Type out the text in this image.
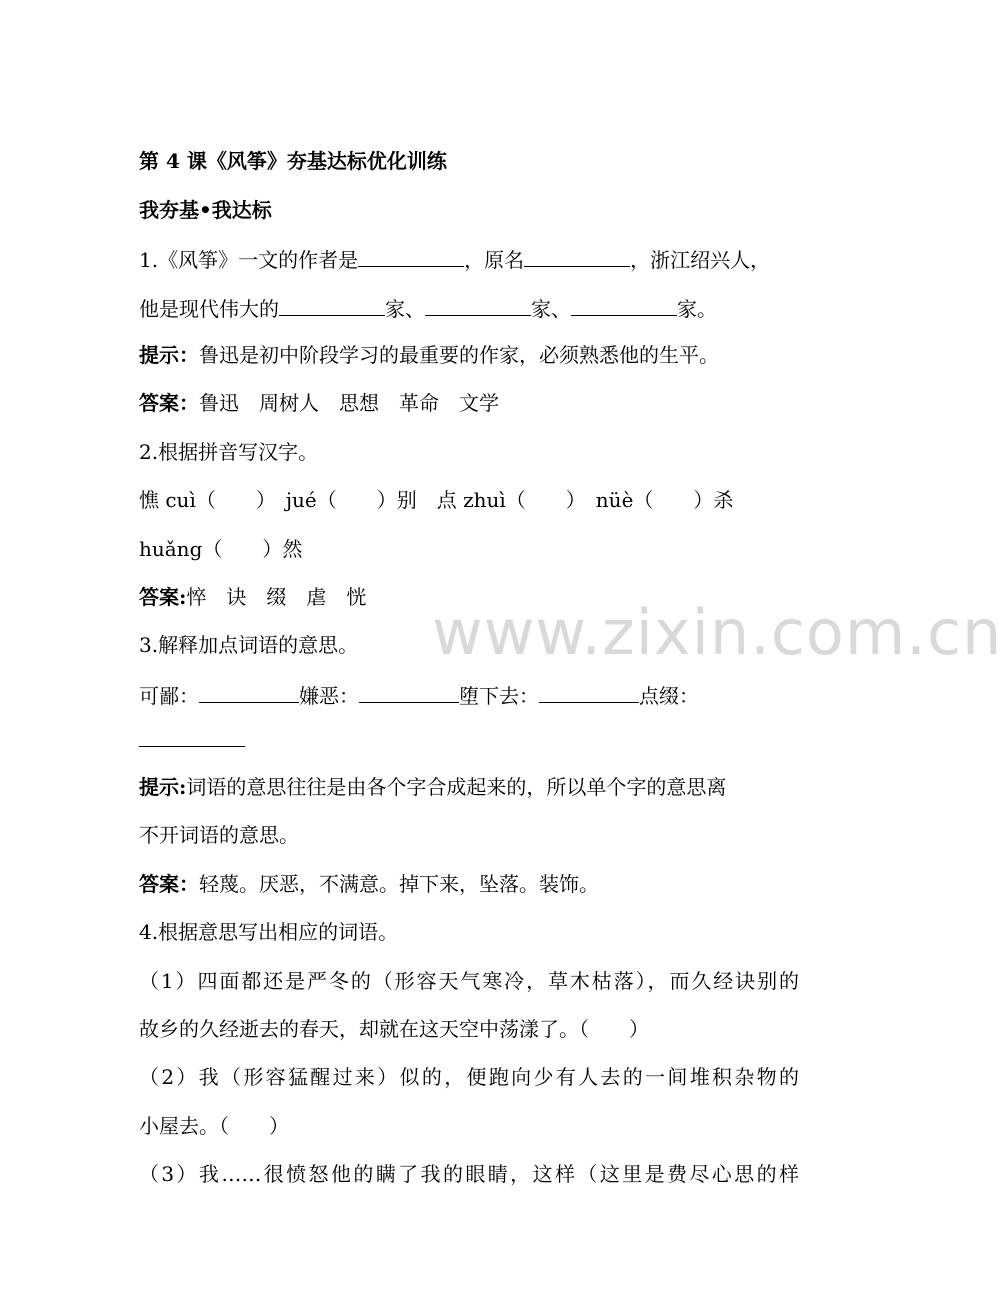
www.zixin.com.cn
第 4 课《风筝》夯基达标优化训练
我夯基•我达标
1.《风筝》一文的作者是	，原名	，浙江绍兴人，
他是现代伟大的	家、	家、	家。
提示：鲁迅是初中阶段学习的最重要的作家，必须熟悉他的生平。
答案：鲁迅　周树人　思想　革命　文学
2.根据拼音写汉字。
憔 cuì（　　）　jué（　　）别　点 zhuì（　　）　nüè（　　）杀
huǎng（　　）然
答案:悴　诀　缀　虐　恍
3.解释加点词语的意思。
可鄙：	嫌恶：	堕下去：	点缀：
提示:词语的意思往往是由各个字合成起来的，所以单个字的意思离
不开词语的意思。
答案：轻蔑。厌恶，不满意。掉下来，坠落。装饰。
4.根据意思写出相应的词语。
（1）四面都还是严冬的（形容天气寒冷，草木枯落），而久经诀别的
故乡的久经逝去的春天，却就在这天空中荡漾了。（　　）
（2）我（形容猛醒过来）似的，便跑向少有人去的一间堆积杂物的
小屋去。（　　）
（3）我……很愤怒他的瞒了我的眼睛，这样（这里是费尽心思的样
